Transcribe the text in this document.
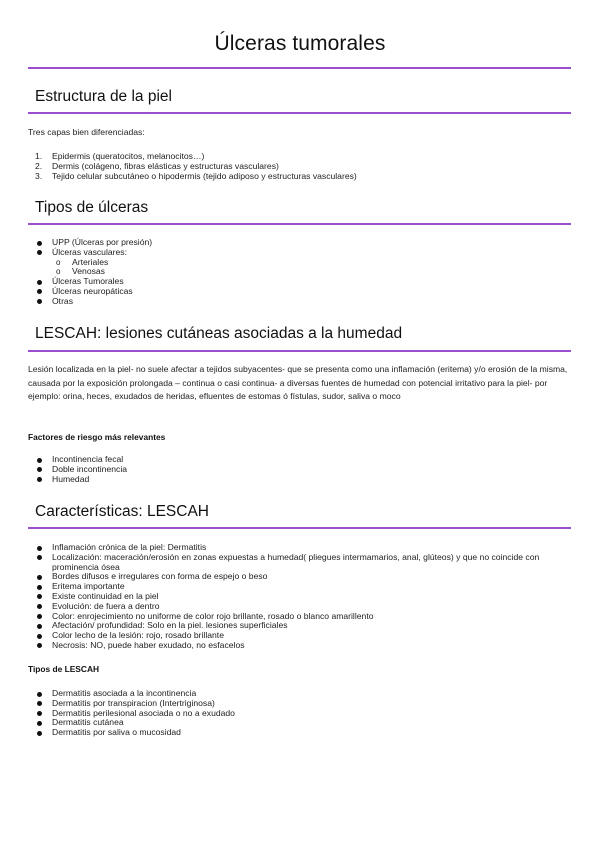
Úlceras tumorales
Estructura de la piel
Tres capas bien diferenciadas:
1. Epidermis (queratocitos, melanocitos…)
2. Dermis (colágeno, fibras elásticas y estructuras vasculares)
3. Tejido celular subcutáneo o hipodermis (tejido adiposo y estructuras vasculares)
Tipos de úlceras
UPP (Úlceras por presión)
Úlceras vasculares:
o Arteriales
o Venosas
Úlceras Tumorales
Úlceras neuropáticas
Otras
LESCAH: lesiones cutáneas asociadas a la humedad
Lesión localizada en la piel- no suele afectar a tejidos subyacentes- que se presenta como una inflamación (eritema) y/o erosión de la misma, causada por la exposición prolongada – continua o casi continua- a diversas fuentes de humedad con potencial irritativo para la piel- por ejemplo: orina, heces, exudados de heridas, efluentes de estomas ó fístulas, sudor, saliva o moco
Factores de riesgo más relevantes
Incontinencia fecal
Doble incontinencia
Humedad
Características: LESCAH
Inflamación crónica de la piel: Dermatitis
Localización: maceración/erosión en zonas expuestas a humedad( pliegues intermamarios, anal, glúteos) y que no coincide con prominencia ósea
Bordes difusos e irregulares con forma de espejo o beso
Eritema importante
Existe continuidad en la piel
Evolución: de fuera a dentro
Color: enrojecimiento no uniforme de color rojo brillante, rosado o blanco amarillento
Afectación/ profundidad: Solo en la piel. lesiones superficiales
Color lecho de la lesión: rojo, rosado brillante
Necrosis: NO, puede haber exudado, no esfacelos
Tipos de LESCAH
Dermatitis asociada a la incontinencia
Dermatitis por transpiracion (Intertriginosa)
Dermatitis perilesional asociada o no a exudado
Dermatitis cutánea
Dermatitis por saliva o mucosidad
